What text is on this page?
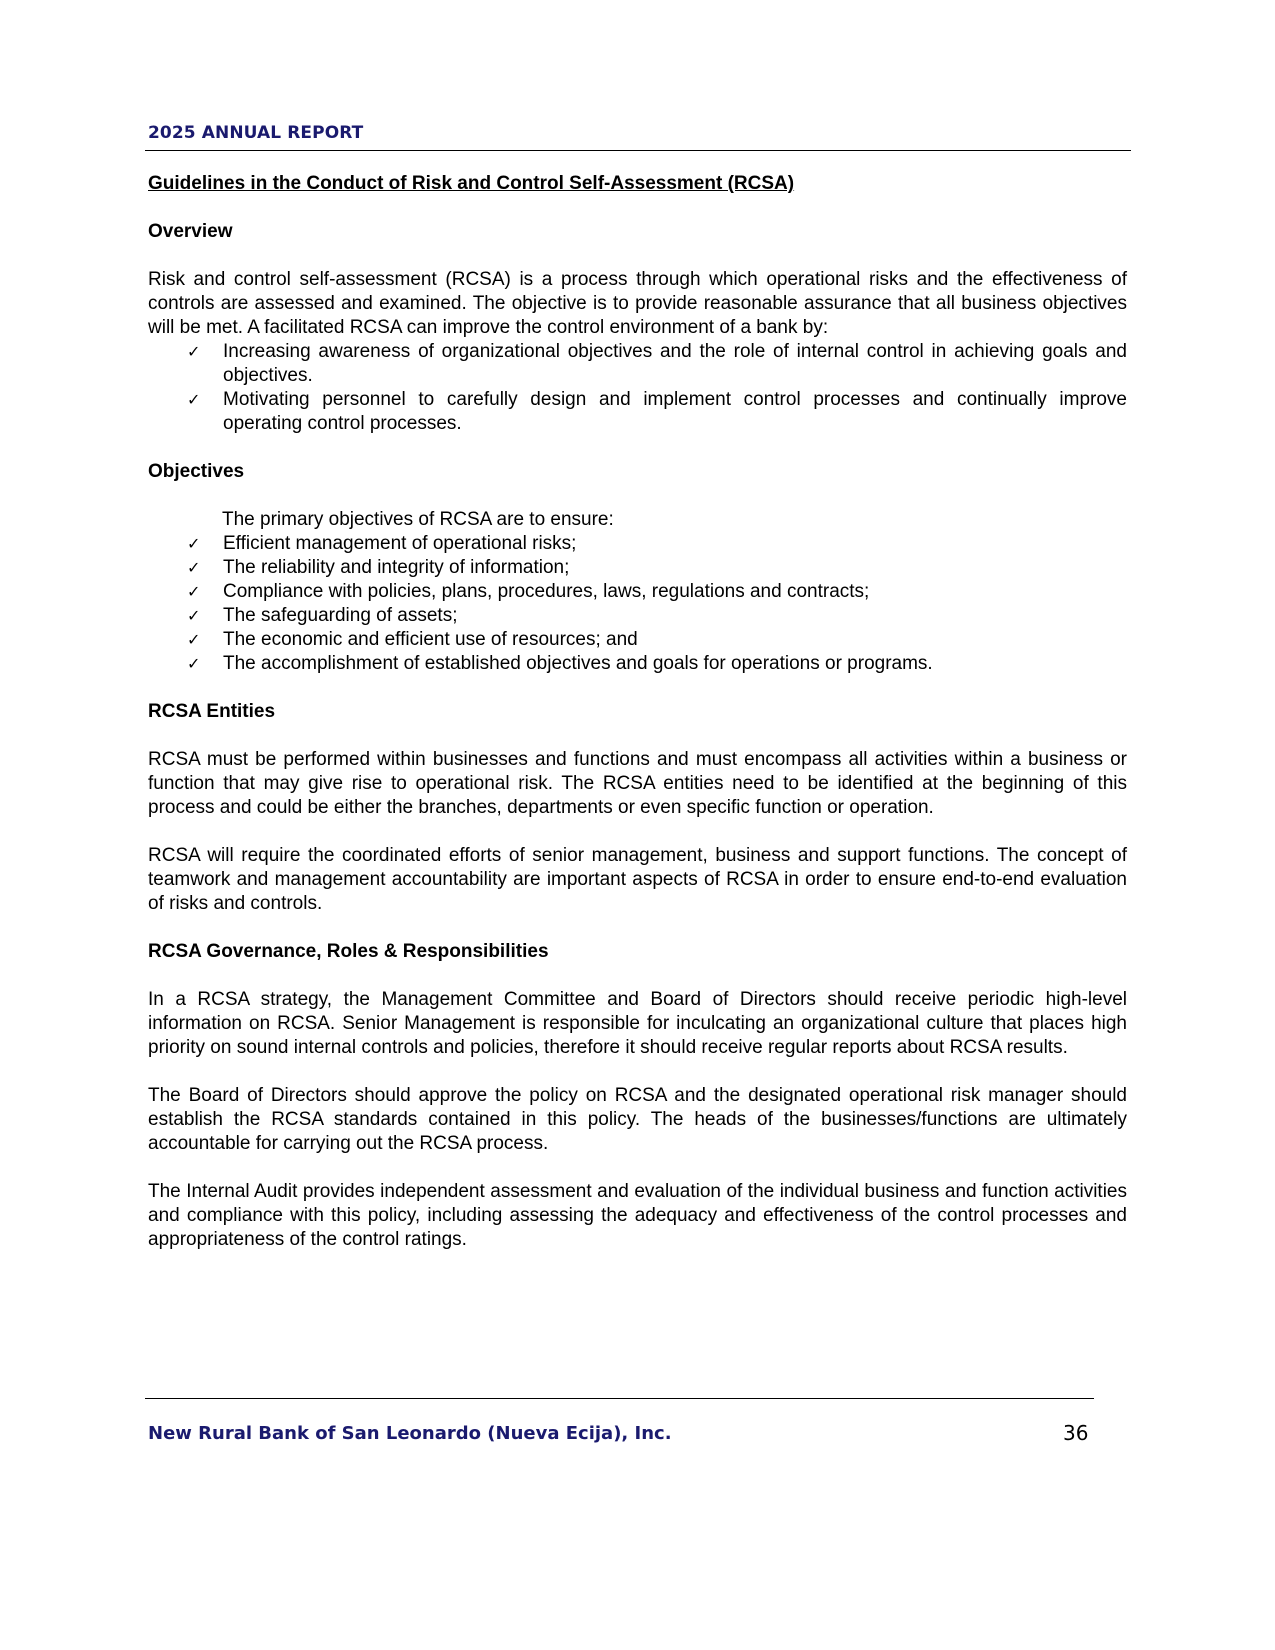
2025 ANNUAL REPORT
Guidelines in the Conduct of Risk and Control Self-Assessment (RCSA)
Overview

Risk and control self-assessment (RCSA) is a process through which operational risks and the effectiveness of controls are assessed and examined. The objective is to provide reasonable assurance that all business objectives will be met. A facilitated RCSA can improve the control environment of a bank by:

✓ Increasing awareness of organizational objectives and the role of internal control in achieving goals and objectives.
✓ Motivating personnel to carefully design and implement control processes and continually improve operating control processes.
Objectives
The primary objectives of RCSA are to ensure:
✓ Efficient management of operational risks;
✓ The reliability and integrity of information;
✓ Compliance with policies, plans, procedures, laws, regulations and contracts;
✓ The safeguarding of assets;
✓ The economic and efficient use of resources; and
✓ The accomplishment of established objectives and goals for operations or programs.
RCSA Entities

RCSA must be performed within businesses and functions and must encompass all activities within a business or function that may give rise to operational risk. The RCSA entities need to be identified at the beginning of this process and could be either the branches, departments or even specific function or operation.

RCSA will require the coordinated efforts of senior management, business and support functions. The concept of teamwork and management accountability are important aspects of RCSA in order to ensure end-to-end evaluation of risks and controls.

RCSA Governance, Roles & Responsibilities

In a RCSA strategy, the Management Committee and Board of Directors should receive periodic high-level information on RCSA. Senior Management is responsible for inculcating an organizational culture that places high priority on sound internal controls and policies, therefore it should receive regular reports about RCSA results.

The Board of Directors should approve the policy on RCSA and the designated operational risk manager should establish the RCSA standards contained in this policy. The heads of the businesses/functions are ultimately accountable for carrying out the RCSA process.

The Internal Audit provides independent assessment and evaluation of the individual business and function activities and compliance with this policy, including assessing the adequacy and effectiveness of the control processes and appropriateness of the control ratings.

New Rural Bank of San Leonardo (Nueva Ecija), Inc.	36
